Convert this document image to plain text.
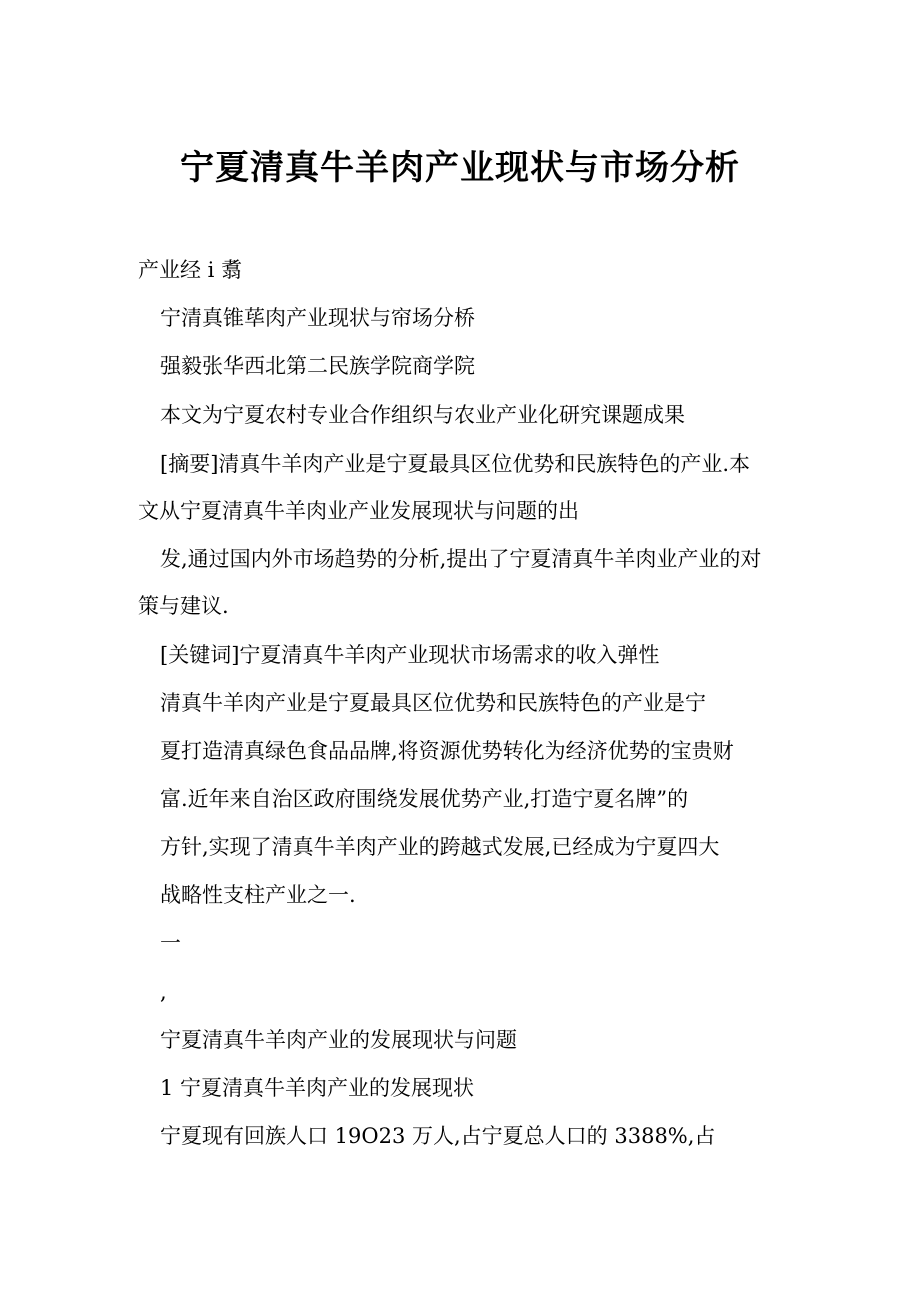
宁夏清真牛羊肉产业现状与市场分析
产业经 i 翥
宁清真锥荜肉产业现状与帘场分桥
强毅张华西北第二民族学院商学院
本文为宁夏农村专业合作组织与农业产业化研究课题成果
[摘要]清真牛羊肉产业是宁夏最具区位优势和民族特色的产业.本
文从宁夏清真牛羊肉业产业发展现状与问题的出
发,通过国内外市场趋势的分析,提出了宁夏清真牛羊肉业产业的对
策与建议.
[关键词]宁夏清真牛羊肉产业现状市场需求的收入弹性
清真牛羊肉产业是宁夏最具区位优势和民族特色的产业是宁
夏打造清真绿色食品品牌,将资源优势转化为经济优势的宝贵财
富.近年来自治区政府围绕发展优势产业,打造宁夏名牌”的
方针,实现了清真牛羊肉产业的跨越式发展,已经成为宁夏四大
战略性支柱产业之一.
一
,
宁夏清真牛羊肉产业的发展现状与问题
1 宁夏清真牛羊肉产业的发展现状
宁夏现有回族人口 19O23 万人,占宁夏总人口的 3388%,占
